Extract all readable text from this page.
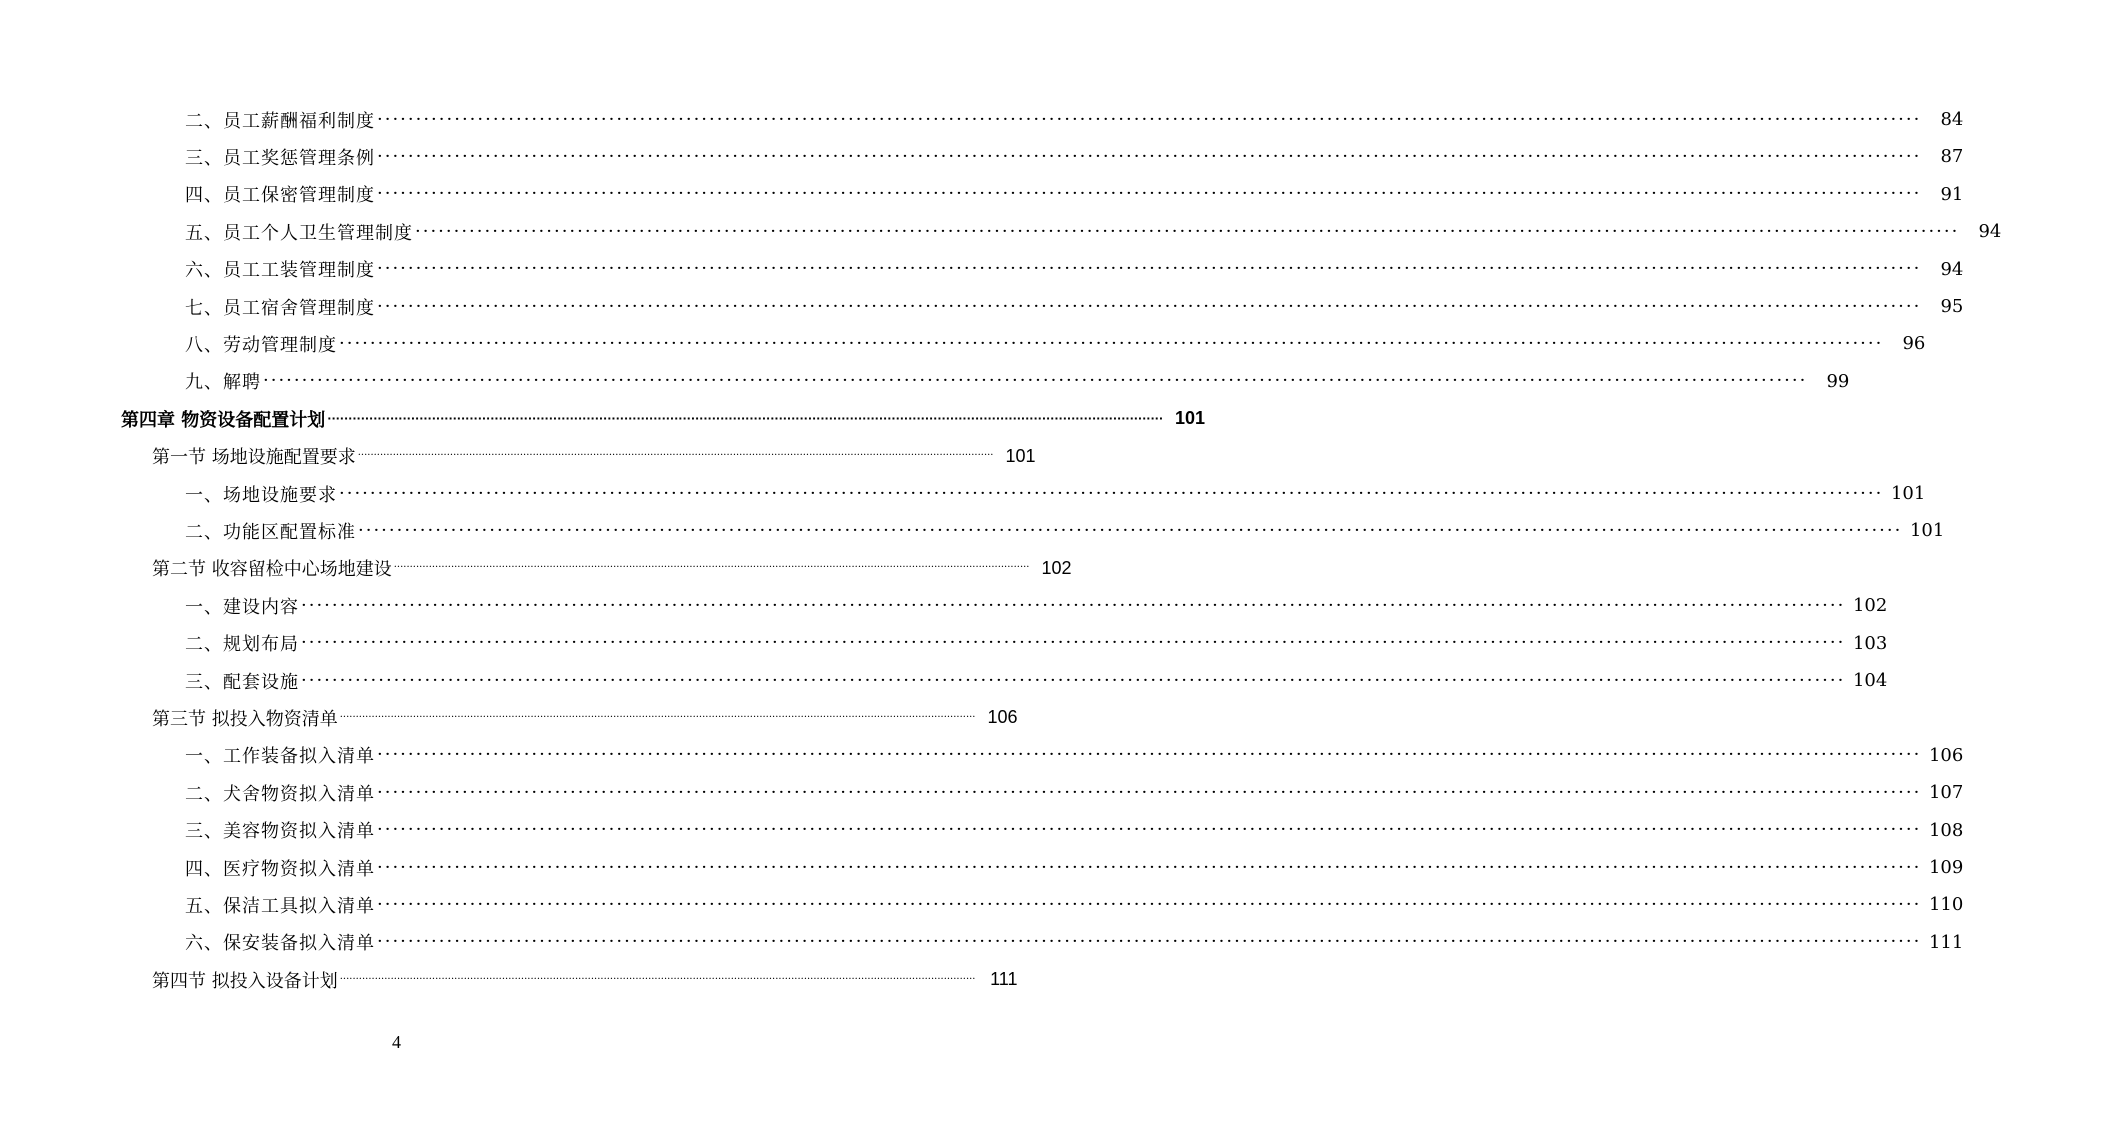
二、员工薪酬福利制度 ········································································································································································································	84
三、员工奖惩管理条例 ········································································································································································································	87
四、员工保密管理制度 ········································································································································································································	91
五、员工个人卫生管理制度 ········································································································································································································	94
六、员工工装管理制度 ········································································································································································································	94
七、员工宿舍管理制度 ········································································································································································································	95
八、劳动管理制度 ········································································································································································································	96
九、解聘 ········································································································································································································	99
第四章 物资设备配置计划 ········································································································································································································ 101
第一节 场地设施配置要求 ········································································································································································································ 101
一、场地设施要求 ········································································································································································································ 101
二、功能区配置标准 ········································································································································································································ 101
第二节 收容留检中心场地建设 ········································································································································································································ 102
一、建设内容 ········································································································································································································ 102
二、规划布局 ········································································································································································································ 103
三、配套设施 ········································································································································································································ 104
第三节 拟投入物资清单 ········································································································································································································ 106
一、工作装备拟入清单 ········································································································································································································ 106
二、犬舍物资拟入清单 ········································································································································································································ 107
三、美容物资拟入清单 ········································································································································································································ 108
四、医疗物资拟入清单 ········································································································································································································ 109
五、保洁工具拟入清单 ········································································································································································································ 110
六、保安装备拟入清单 ········································································································································································································ 111
第四节 拟投入设备计划 ········································································································································································································ 111
4
